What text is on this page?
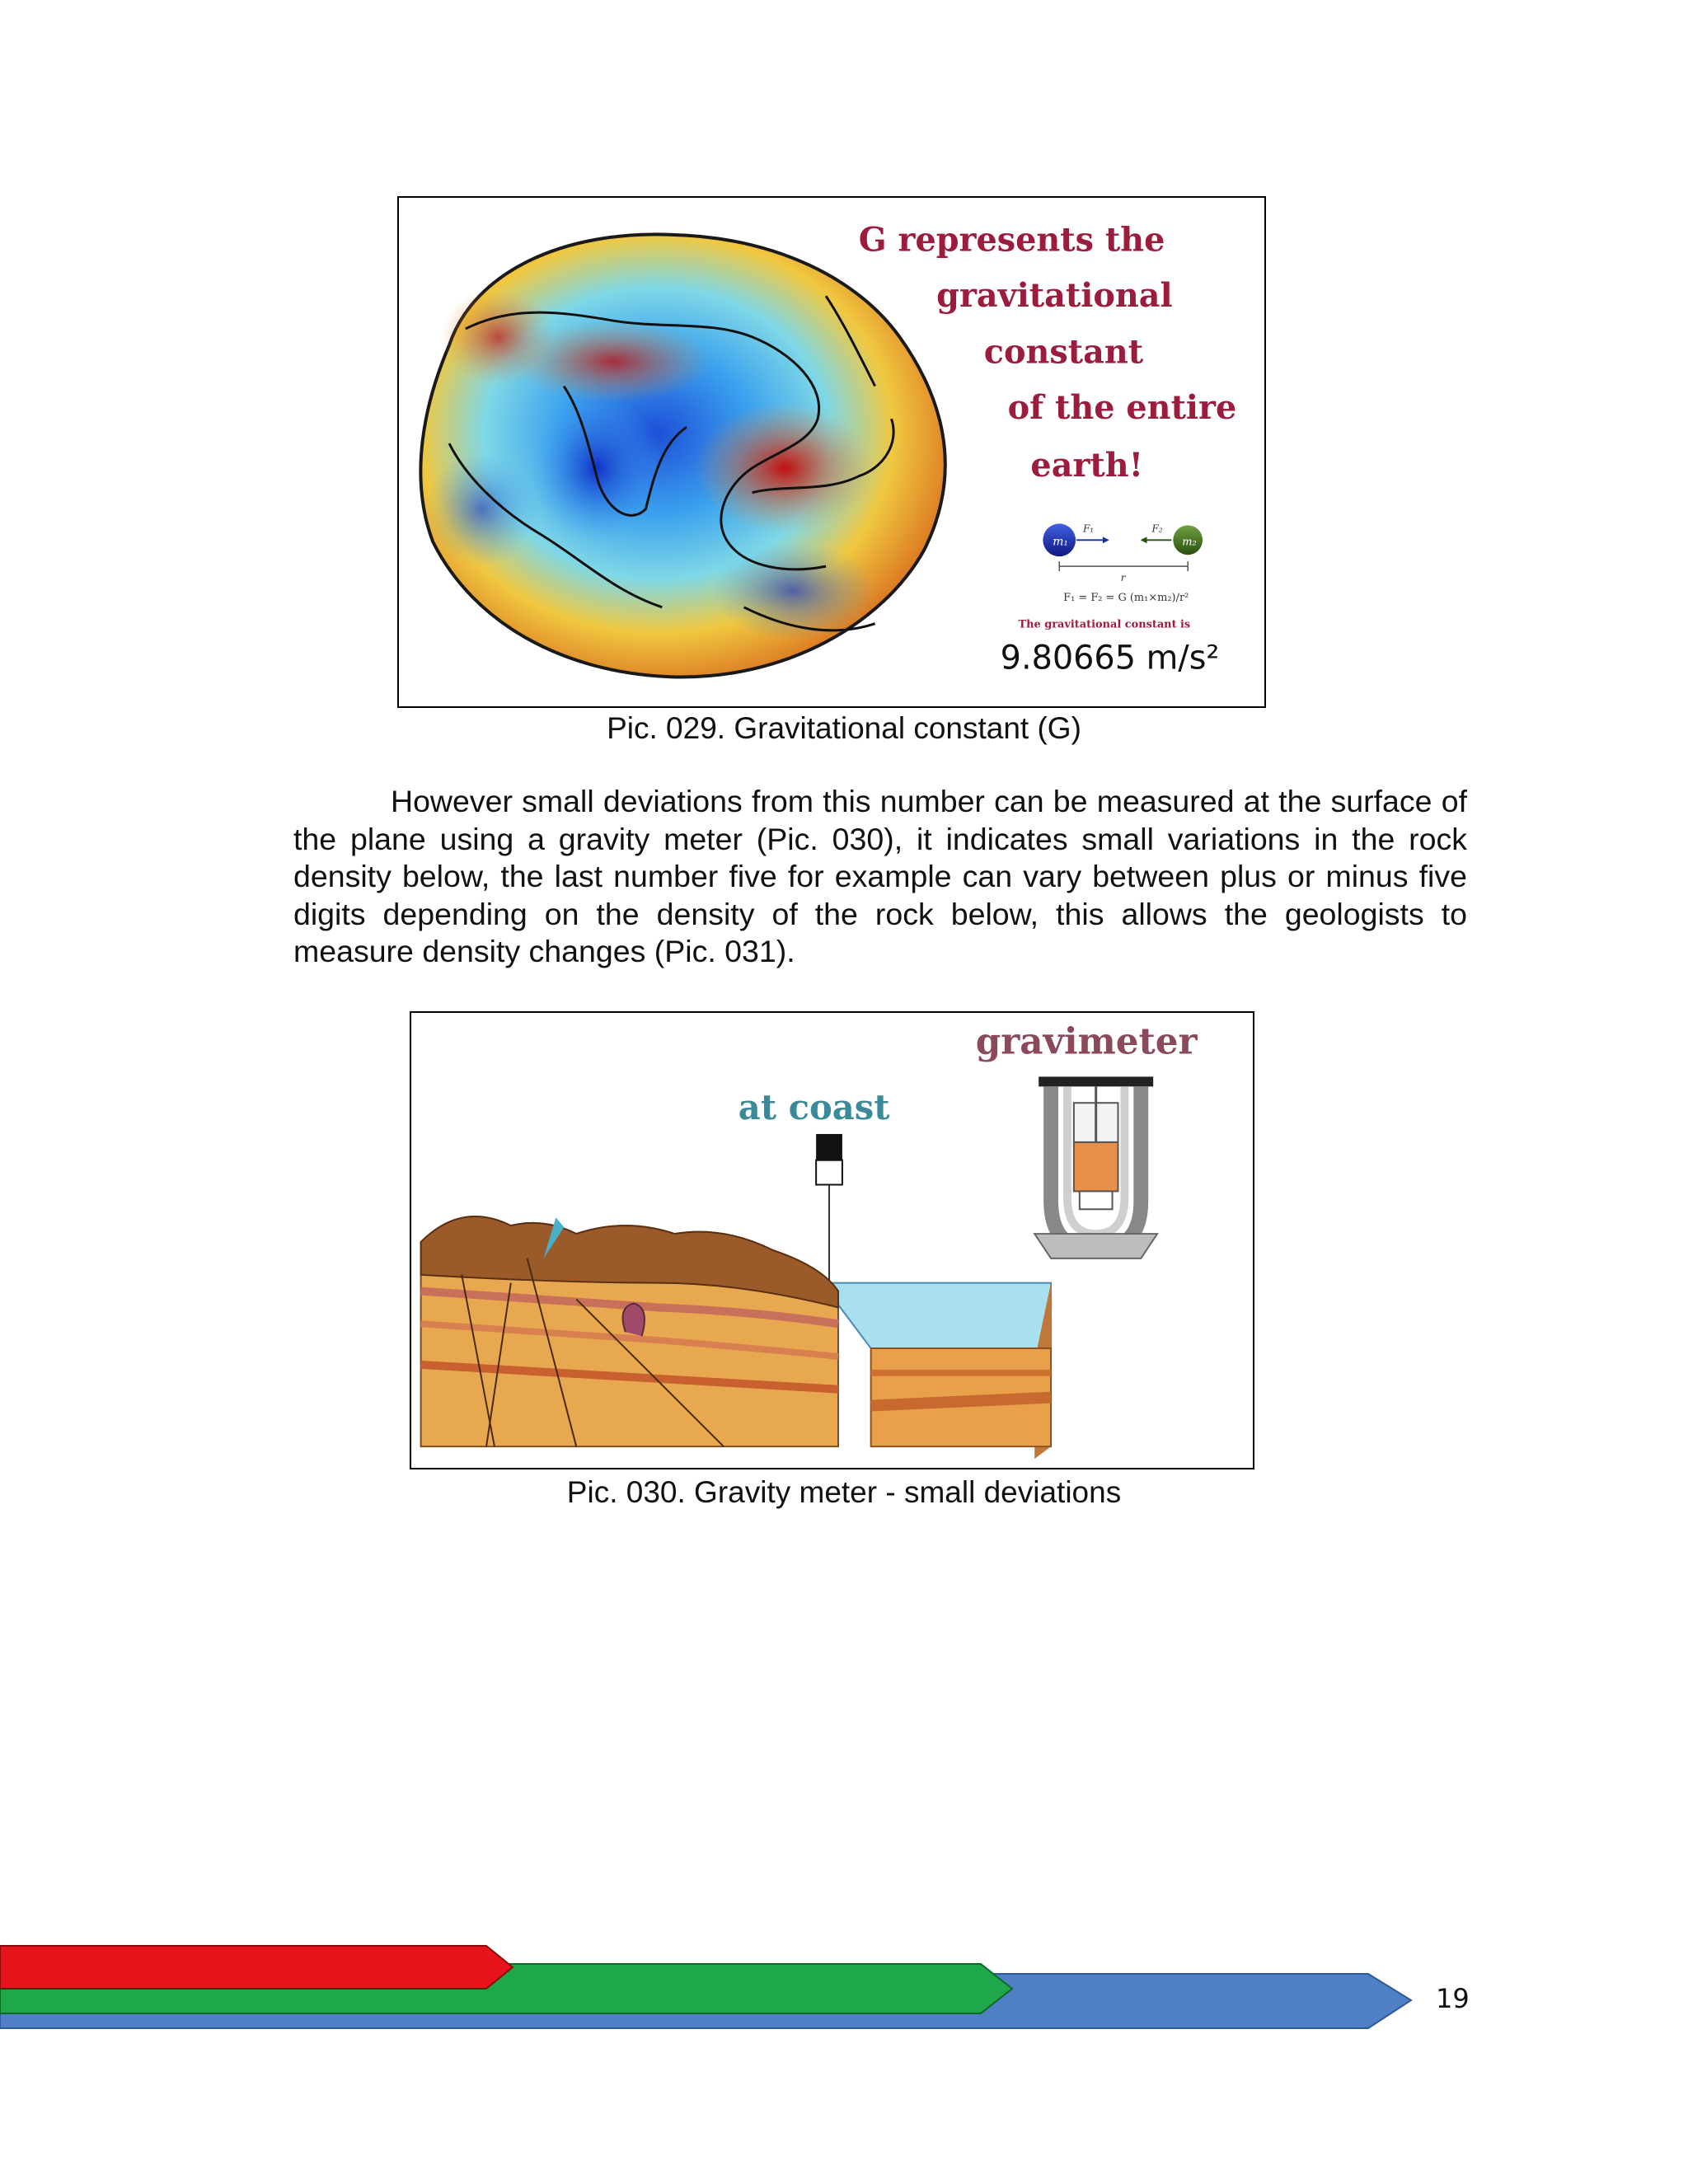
G represents the
gravitational
constant
of the entire
earth!
m₁	m₂
F₁	F₂
r
F₁ = F₂ = G (m₁×m₂)/r²
The gravitational constant is
9.80665 m/s²
Pic. 029. Gravitational constant (G)

However small deviations from this number can be measured at the surface of the plane using a gravity meter (Pic. 030), it indicates small variations in the rock density below, the last number five for example can vary between plus or minus five digits depending on the density of the rock below, this allows the geologists to measure density changes (Pic. 031).

gravimeter
at coast
Pic. 030. Gravity meter - small deviations
19
